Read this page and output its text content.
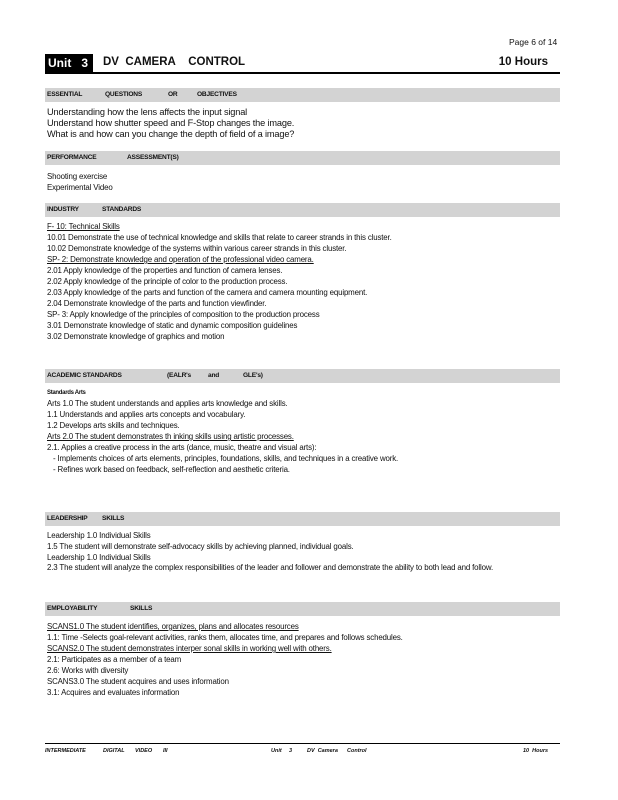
Page 6 of 14
Unit   3	DV  CAMERA    CONTROL	10 Hours
ESSENTIAL	QUESTIONS	OR	OBJECTIVES
Understanding how the lens affects the input signal
Understand how shutter speed and F-Stop changes the image.
What is and how can you change the depth of field of a image?
PERFORMANCE	ASSESSMENT(S)
Shooting exercise
Experimental Video
INDUSTRY	STANDARDS
F- 10: Technical Skills
10.01 Demonstrate the use of technical knowledge and skills that relate to career strands in this cluster.
10.02 Demonstrate knowledge of the systems within various career strands in this cluster.
SP- 2: Demonstrate knowledge and operation of the professional video camera.
2.01 Apply knowledge of the properties and function of camera lenses.
2.02 Apply knowledge of the principle of color to the production process.
2.03 Apply knowledge of the parts and function of the camera and camera mounting equipment.
2.04 Demonstrate knowledge of the parts and function viewfinder.
SP- 3: Apply knowledge of the principles of composition to the production process
3.01 Demonstrate knowledge of static and dynamic composition guidelines
3.02 Demonstrate knowledge of graphics and motion
ACADEMIC STANDARDS	(EALR's	and	GLE's)
Standards Arts
Arts 1.0 The student understands and applies arts knowledge and skills.
1.1 Understands and applies arts concepts and vocabulary.
1.2 Develops arts skills and techniques.
Arts 2.0 The student demonstrates th inking skills using artistic processes.
2.1. Applies a creative process in the arts (dance, music, theatre and visual arts):
- Implements choices of arts elements, principles, foundations, skills, and techniques in a creative work.
- Refines work based on feedback, self-reflection and aesthetic criteria.
LEADERSHIP SKILLS
Leadership 1.0 Individual Skills
1.5 The student will demonstrate self-advocacy skills by achieving planned, individual goals.
Leadership 1.0 Individual Skills
2.3 The student will analyze the complex responsibilities of the leader and follower and demonstrate the ability to both lead and follow.
EMPLOYABILITY	SKILLS
SCANS1.0 The student identifies, organizes, plans and allocates resources
1.1: Time -Selects goal-relevant activities, ranks them, allocates time, and prepares and follows schedules.
SCANS2.0 The student demonstrates interper sonal skills in working well with others.
2.1: Participates as a member of a team
2.6: Works with diversity
SCANS3.0 The student acquires and uses information
3.1: Acquires and evaluates information
INTERMEDIATE	DIGITAL VIDEO III	Unit 3	DV  Camera Control	10  Hours
